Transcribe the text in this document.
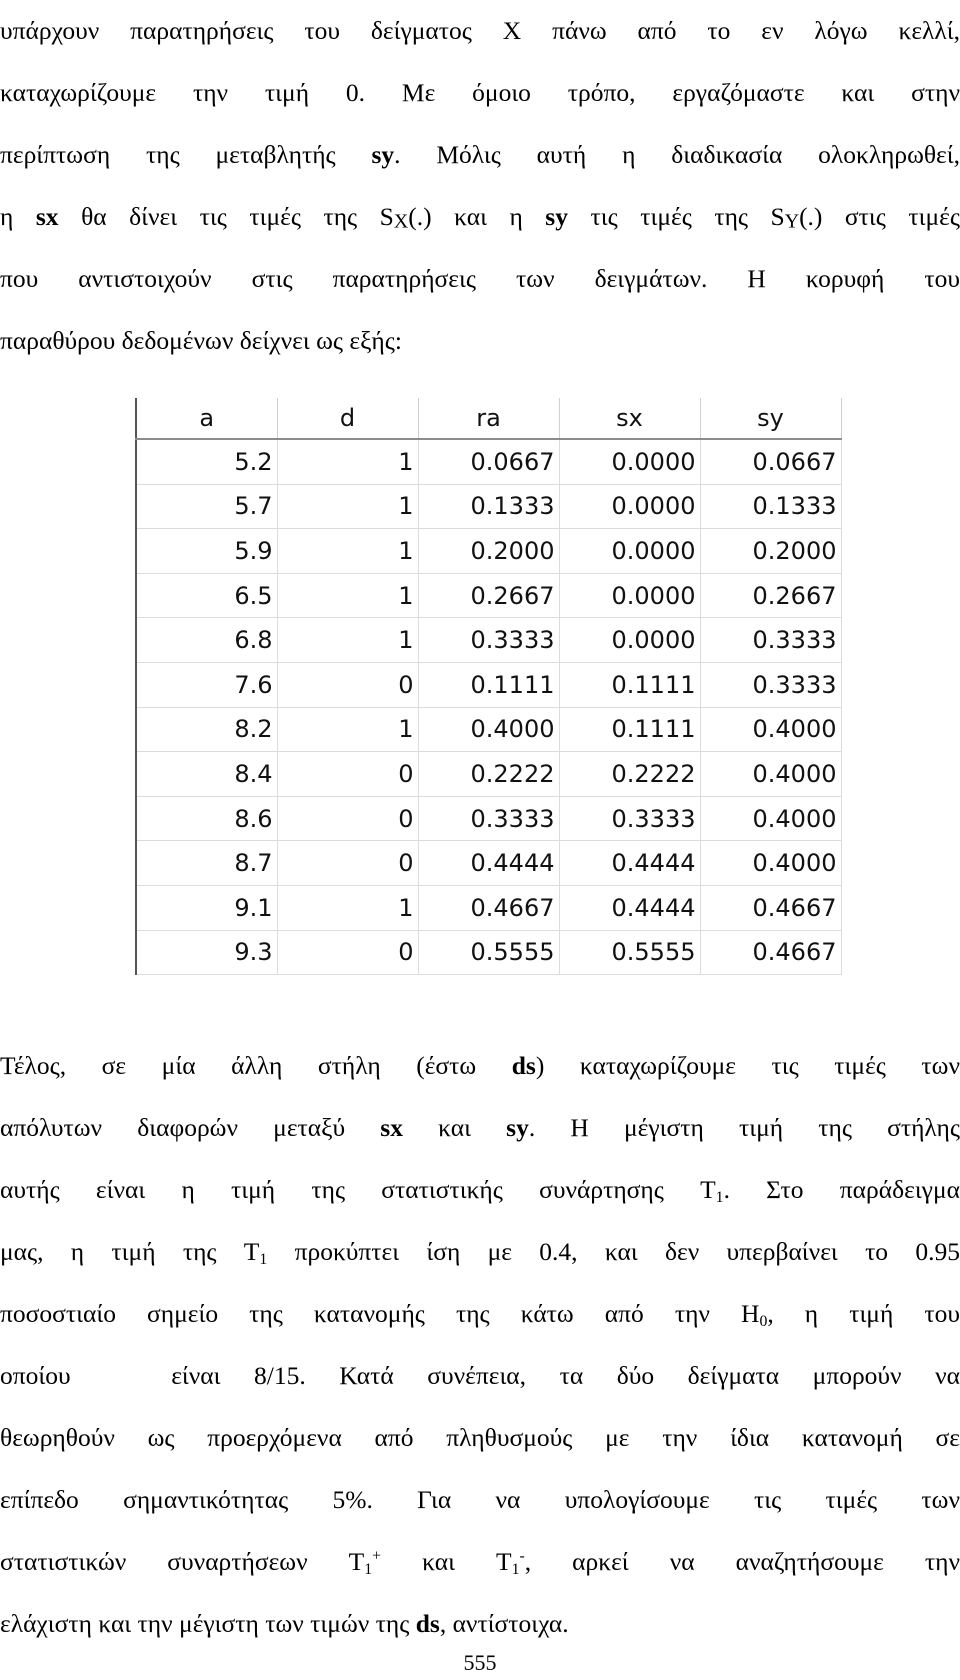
υπάρχουν παρατηρήσεις του δείγματος X πάνω από το εν λόγω κελλί,
καταχωρίζουμε την τιμή 0. Με όμοιο τρόπο, εργαζόμαστε και στην
περίπτωση της μεταβλητής sy. Μόλις αυτή η διαδικασία ολοκληρωθεί,
η sx θα δίνει τις τιμές της SX(.) και η sy τις τιμές της SY(.) στις τιμές
που αντιστοιχούν στις παρατηρήσεις των δειγμάτων. Η κορυφή του
παραθύρου δεδομένων δείχνει ως εξής:
a	d	ra	sx	sy
5.2	1	0.0667	0.0000	0.0667
5.7	1	0.1333	0.0000	0.1333
5.9	1	0.2000	0.0000	0.2000
6.5	1	0.2667	0.0000	0.2667
6.8	1	0.3333	0.0000	0.3333
7.6	0	0.1111	0.1111	0.3333
8.2	1	0.4000	0.1111	0.4000
8.4	0	0.2222	0.2222	0.4000
8.6	0	0.3333	0.3333	0.4000
8.7	0	0.4444	0.4444	0.4000
9.1	1	0.4667	0.4444	0.4667
9.3	0	0.5555	0.5555	0.4667
Τέλος, σε μία άλλη στήλη (έστω ds) καταχωρίζουμε τις τιμές των
απόλυτων διαφορών μεταξύ sx και sy. Η μέγιστη τιμή της στήλης
αυτής είναι η τιμή της στατιστικής συνάρτησης $T_1$. Στο παράδειγμα
μας, η τιμή της $T_1$ προκύπτει ίση με 0.4, και δεν υπερβαίνει το 0.95
ποσοστιαίο σημείο της κατανομής της κάτω από την $H_0$, η τιμή του
οποίου   είναι 8/15. Κατά συνέπεια, τα δύο δείγματα μπορούν να
θεωρηθούν ως προερχόμενα από πληθυσμούς με την ίδια κατανομή σε
επίπεδο σημαντικότητας 5%. Για να υπολογίσουμε τις τιμές των
στατιστικών συναρτήσεων $T_1^+$ και $T_1^-$, αρκεί να αναζητήσουμε την
ελάχιστη και την μέγιστη των τιμών της ds, αντίστοιχα.
555
